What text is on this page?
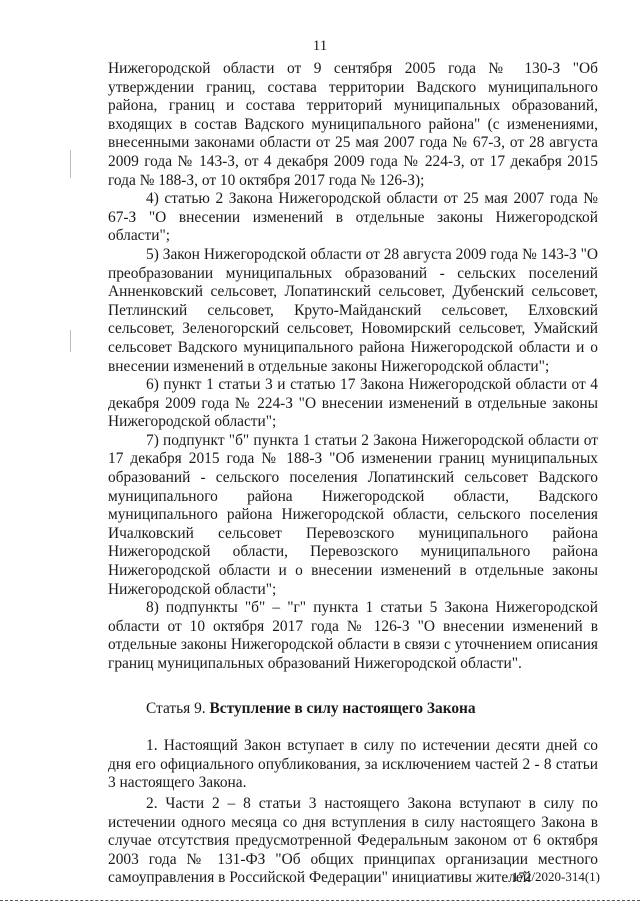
11

Нижегородской области от 9 сентября 2005 года № 130-З "Об утверждении границ, состава территории Вадского муниципального района, границ и состава территорий муниципальных образований, входящих в состав Вадского муниципального района" (с изменениями, внесенными законами области от 25 мая 2007 года № 67-З, от 28 августа 2009 года № 143-З, от 4 декабря 2009 года № 224-З, от 17 декабря 2015 года № 188-З, от 10 октября 2017 года № 126-З);

4) статью 2 Закона Нижегородской области от 25 мая 2007 года № 67-З "О внесении изменений в отдельные законы Нижегородской области";

5) Закон Нижегородской области от 28 августа 2009 года № 143-З "О преобразовании муниципальных образований - сельских поселений Анненковский сельсовет, Лопатинский сельсовет, Дубенский сельсовет, Петлинский сельсовет, Круто-Майданский сельсовет, Елховский сельсовет, Зеленогорский сельсовет, Новомирский сельсовет, Умайский сельсовет Вадского муниципального района Нижегородской области и о внесении изменений в отдельные законы Нижегородской области";

6) пункт 1 статьи 3 и статью 17 Закона Нижегородской области от 4 декабря 2009 года № 224-З "О внесении изменений в отдельные законы Нижегородской области";

7) подпункт "б" пункта 1 статьи 2 Закона Нижегородской области от 17 декабря 2015 года № 188-З "Об изменении границ муниципальных образований - сельского поселения Лопатинский сельсовет Вадского муниципального района Нижегородской области, Вадского муниципального района Нижегородской области, сельского поселения Ичалковский сельсовет Перевозского муниципального района Нижегородской области, Перевозского муниципального района Нижегородской области и о внесении изменений в отдельные законы Нижегородской области";

8) подпункты "б" – "г" пункта 1 статьи 5 Закона Нижегородской области от 10 октября 2017 года № 126-З "О внесении изменений в отдельные законы Нижегородской области в связи с уточнением описания границ муниципальных образований Нижегородской области".

Статья 9. Вступление в силу настоящего Закона

1. Настоящий Закон вступает в силу по истечении десяти дней со дня его официального опубликования, за исключением частей 2 - 8 статьи 3 настоящего Закона.

2. Части 2 – 8 статьи 3 настоящего Закона вступают в силу по истечении одного месяца со дня вступления в силу настоящего Закона в случае отсутствия предусмотренной Федеральным законом от 6 октября 2003 года № 131-ФЗ "Об общих принципах организации местного самоуправления в Российской Федерации" инициативы жителей

172/2020-314(1)
